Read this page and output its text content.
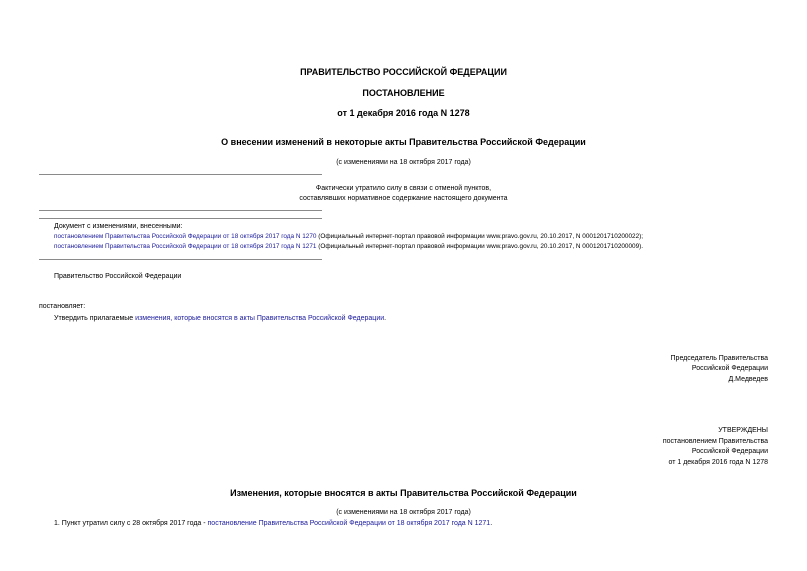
ПРАВИТЕЛЬСТВО РОССИЙСКОЙ ФЕДЕРАЦИИ
ПОСТАНОВЛЕНИЕ
от 1 декабря 2016 года N 1278
О внесении изменений в некоторые акты Правительства Российской Федерации
(с изменениями на 18 октября 2017 года)
Фактически утратило силу в связи с отменой пунктов,
составлявших нормативное содержание настоящего документа
Документ с изменениями, внесенными:
постановлением Правительства Российской Федерации от 18 октября 2017 года N 1270 (Официальный интернет-портал правовой информации www.pravo.gov.ru, 20.10.2017, N 0001201710200022);
постановлением Правительства Российской Федерации от 18 октября 2017 года N 1271 (Официальный интернет-портал правовой информации www.pravo.gov.ru, 20.10.2017, N 0001201710200009).
Правительство Российской Федерации
постановляет:
Утвердить прилагаемые изменения, которые вносятся в акты Правительства Российской Федерации.
Председатель Правительства
Российской Федерации
Д.Медведев
УТВЕРЖДЕНЫ
постановлением Правительства
Российской Федерации
от 1 декабря 2016 года N 1278
Изменения, которые вносятся в акты Правительства Российской Федерации
(с изменениями на 18 октября 2017 года)
1. Пункт утратил силу с 28 октября 2017 года - постановление Правительства Российской Федерации от 18 октября 2017 года N 1271.
